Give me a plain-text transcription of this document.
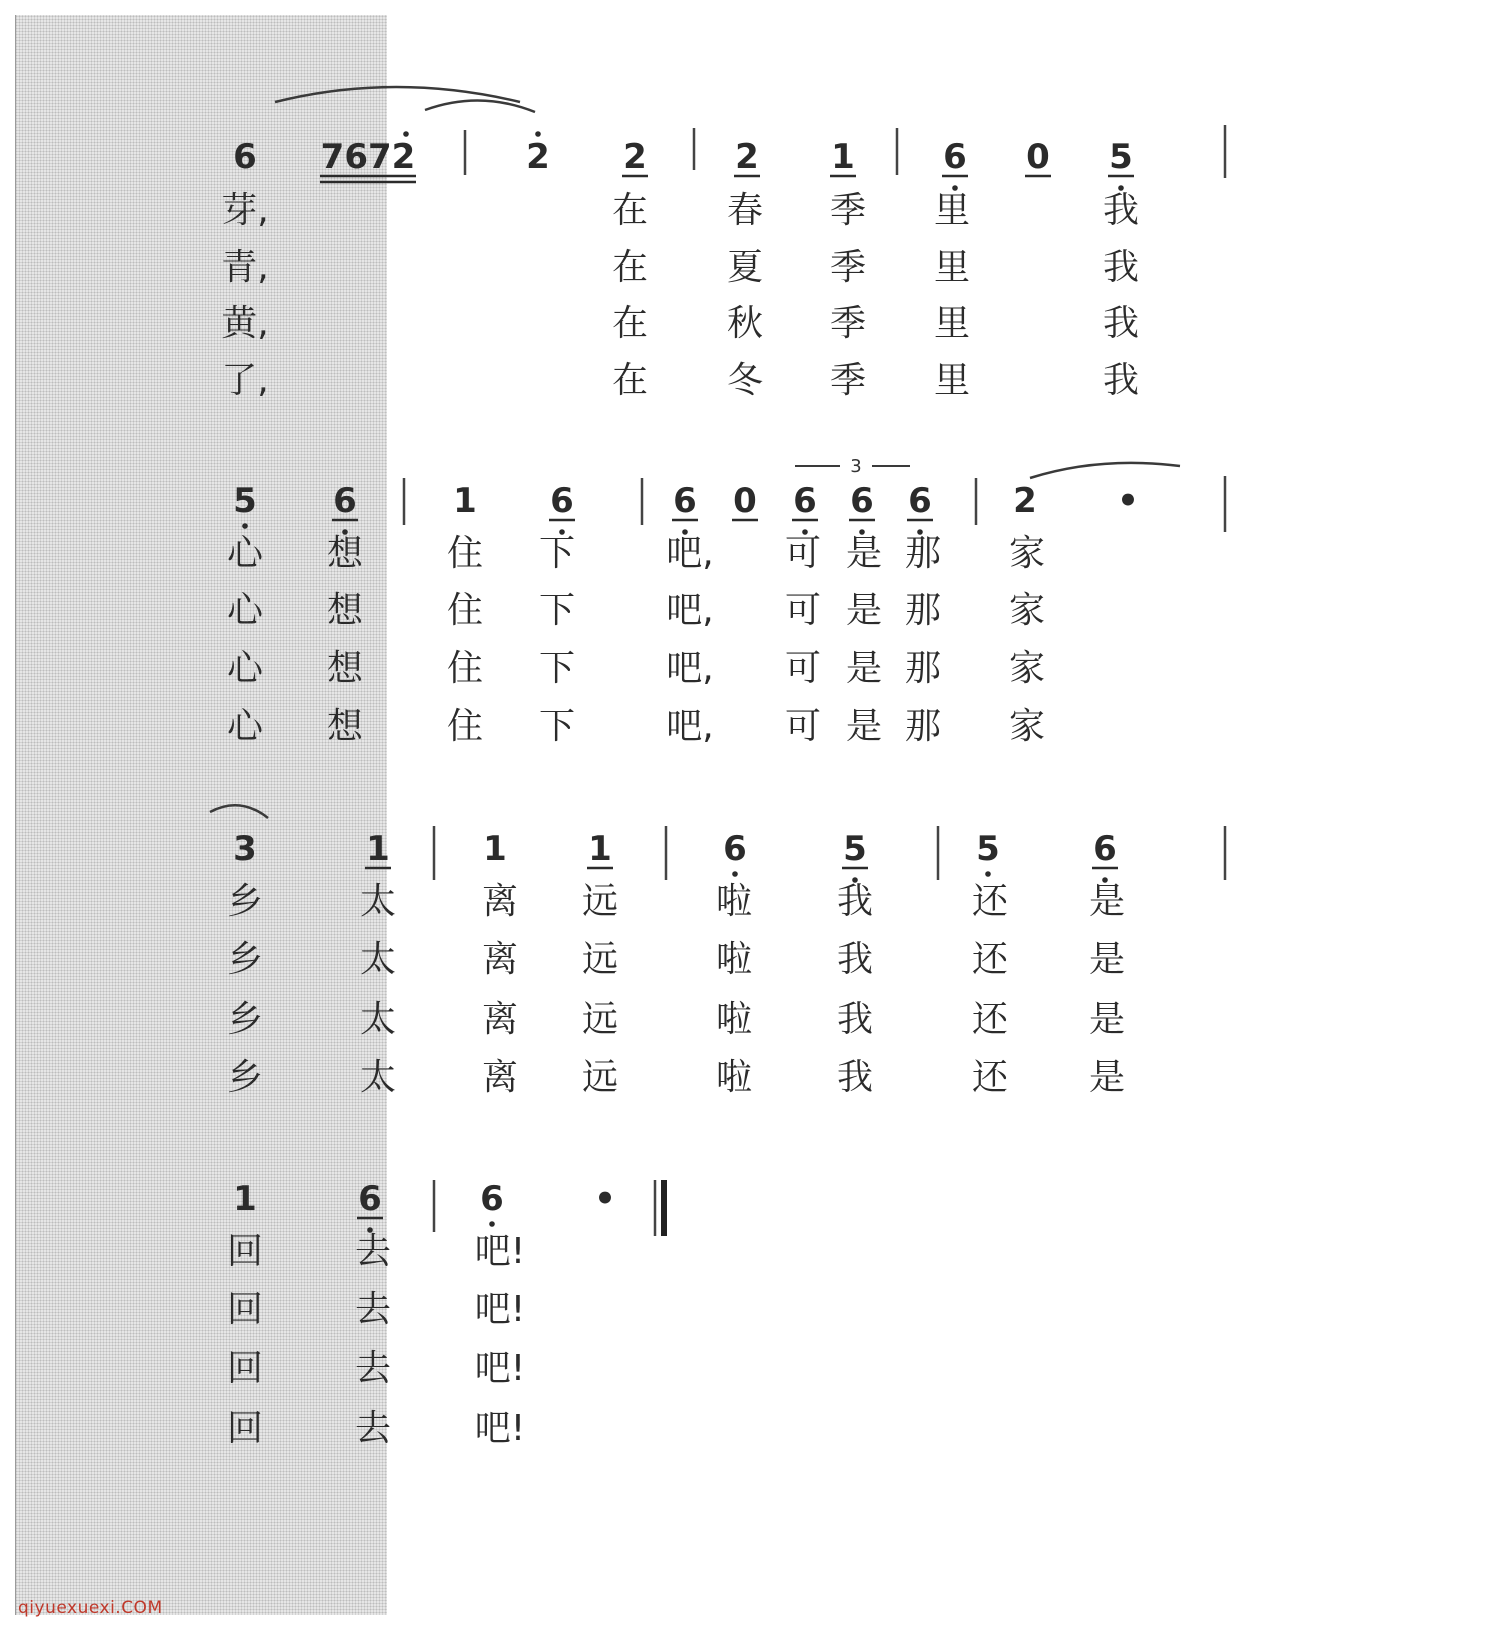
6 7672	2 2	2 1	6 0 5
5 6	1 6	6 0 6 6 6 2 •
3	1	1 1	6	5	5	6
1	6	6	•
3
芽,	在 春 季 里	我
青,	在 夏 季 里	我
黄,	在 秋 季 里	我
了,	在 冬 季 里	我
心 想 住 下	吧, 可 是 那 家
心 想 住 下	吧, 可 是 那 家
心 想 住 下	吧, 可 是 那 家
心 想 住 下	吧, 可 是 那 家
乡	太 离 远	啦 我	还 是
乡	太 离 远	啦 我	还 是
乡	太 离 远	啦 我	还 是
乡	太 离 远	啦 我	还 是
回	去 吧!
回	去 吧!
回	去 吧!
回	去 吧!
qiyuexuexi.COM
